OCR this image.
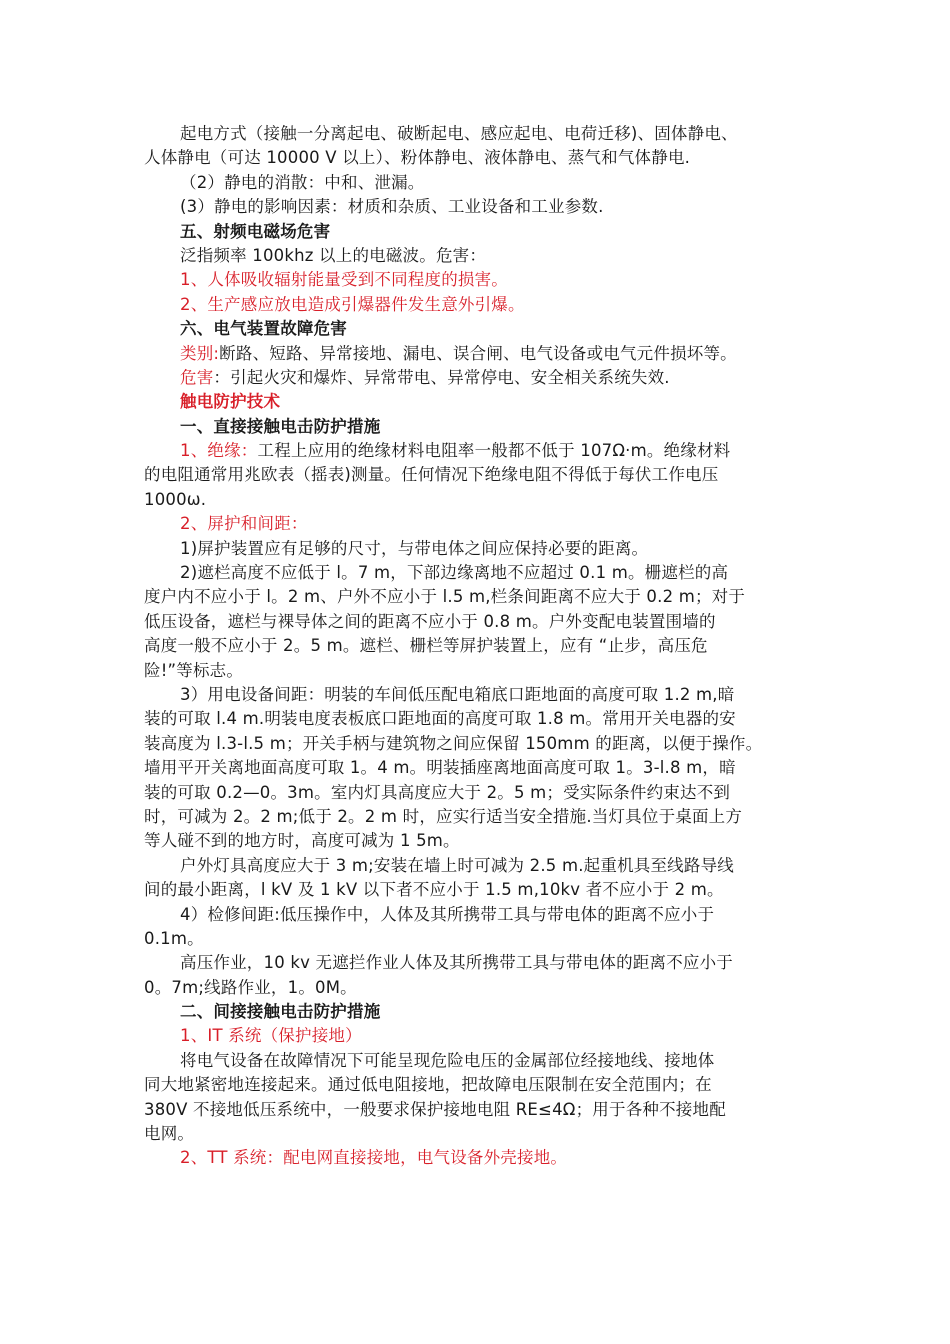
起电方式（接触一分离起电、破断起电、感应起电、电荷迁移)、固体静电、
人体静电（可达 10000 V 以上）、粉体静电、液体静电、蒸气和气体静电.
（2）静电的消散：中和、泄漏。
(3）静电的影响因素：材质和杂质、工业设备和工业参数.
五、射频电磁场危害
泛指频率 100khz 以上的电磁波。危害：
1、人体吸收辐射能量受到不同程度的损害。
2、生产感应放电造成引爆器件发生意外引爆。
六、电气装置故障危害
类别:断路、短路、异常接地、漏电、误合闸、电气设备或电气元件损坏等。
危害：引起火灾和爆炸、异常带电、异常停电、安全相关系统失效.
触电防护技术
一、直接接触电击防护措施
1、绝缘：工程上应用的绝缘材料电阻率一般都不低于 107Ω·m。绝缘材料
的电阻通常用兆欧表（摇表)测量。任何情况下绝缘电阻不得低于每伏工作电压
1000ω.
2、屏护和间距：
1)屏护装置应有足够的尺寸，与带电体之间应保持必要的距离。
2)遮栏高度不应低于 l。7 m，下部边缘离地不应超过 0.1 m。栅遮栏的高
度户内不应小于 l。2 m、户外不应小于 l.5 m,栏条间距离不应大于 0.2 m；对于
低压设备，遮栏与裸导体之间的距离不应小于 0.8 m。户外变配电装置围墙的
高度一般不应小于 2。5 m。遮栏、栅栏等屏护装置上，应有 “止步，高压危
险!”等标志。
3）用电设备间距：明装的车间低压配电箱底口距地面的高度可取 1.2 m,暗
装的可取 l.4 m.明装电度表板底口距地面的高度可取 1.8 m。常用开关电器的安
装高度为 l.3-l.5 m；开关手柄与建筑物之间应保留 150mm 的距离，以便于操作。
墙用平开关离地面高度可取 1。4 m。明装插座离地面高度可取 1。3-l.8 m，暗
装的可取 0.2—0。3m。室内灯具高度应大于 2。5 m；受实际条件约束达不到
时，可减为 2。2 m;低于 2。2 m 时，应实行适当安全措施.当灯具位于桌面上方
等人碰不到的地方时，高度可减为 1 5m。
户外灯具高度应大于 3 m;安装在墙上时可减为 2.5 m.起重机具至线路导线
间的最小距离，l kV 及 1 kV 以下者不应小于 1.5 m,10kv 者不应小于 2 m。
4）检修间距:低压操作中，人体及其所携带工具与带电体的距离不应小于
0.1m。
高压作业，10 kv 无遮拦作业人体及其所携带工具与带电体的距离不应小于
0。7m;线路作业，1。0M。
二、间接接触电击防护措施
1、IT 系统（保护接地）
将电气设备在故障情况下可能呈现危险电压的金属部位经接地线、接地体
同大地紧密地连接起来。通过低电阻接地，把故障电压限制在安全范围内；在
380V 不接地低压系统中，一般要求保护接地电阻 RE≤4Ω；用于各种不接地配
电网。
2、TT 系统：配电网直接接地，电气设备外壳接地。
